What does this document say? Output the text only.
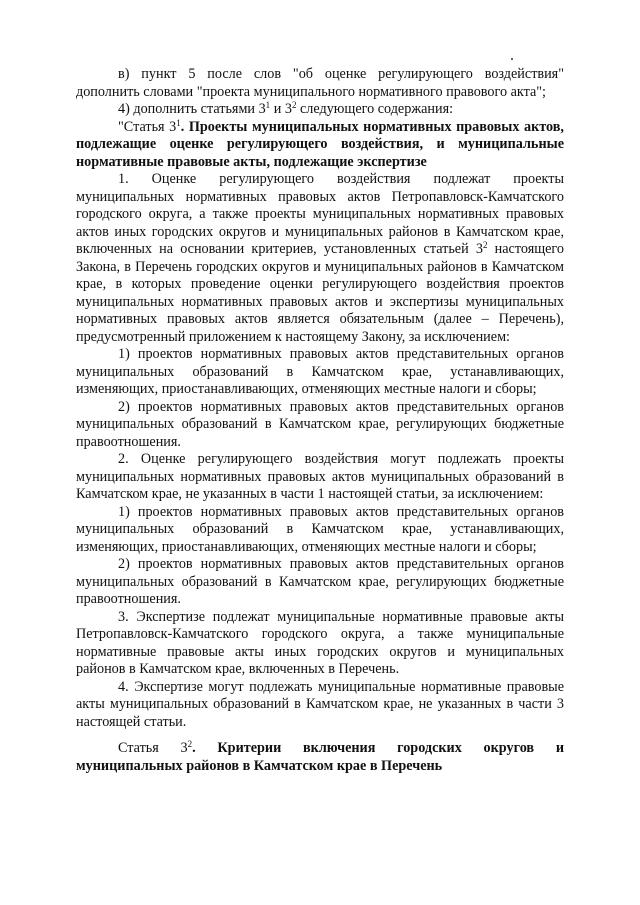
в) пункт 5 после слов "об оценке регулирующего воздействия" дополнить словами "проекта муниципального нормативного правового акта";

4) дополнить статьями $3^1$ и $3^2$ следующего содержания:

"Статья $3^1$. Проекты муниципальных нормативных правовых актов, подлежащие оценке регулирующего воздействия, и муниципальные нормативные правовые акты, подлежащие экспертизе

1. Оценке регулирующего воздействия подлежат проекты муниципальных нормативных правовых актов Петропавловск-Камчатского городского округа, а также проекты муниципальных нормативных правовых актов иных городских округов и муниципальных районов в Камчатском крае, включенных на основании критериев, установленных статьей $3^2$ настоящего Закона, в Перечень городских округов и муниципальных районов в Камчатском крае, в которых проведение оценки регулирующего воздействия проектов муниципальных нормативных правовых актов и экспертизы муниципальных нормативных правовых актов является обязательным (далее – Перечень), предусмотренный приложением к настоящему Закону, за исключением:

1) проектов нормативных правовых актов представительных органов муниципальных образований в Камчатском крае, устанавливающих, изменяющих, приостанавливающих, отменяющих местные налоги и сборы;

2) проектов нормативных правовых актов представительных органов муниципальных образований в Камчатском крае, регулирующих бюджетные правоотношения.

2. Оценке регулирующего воздействия могут подлежать проекты муниципальных нормативных правовых актов муниципальных образований в Камчатском крае, не указанных в части 1 настоящей статьи, за исключением:

1) проектов нормативных правовых актов представительных органов муниципальных образований в Камчатском крае, устанавливающих, изменяющих, приостанавливающих, отменяющих местные налоги и сборы;

2) проектов нормативных правовых актов представительных органов муниципальных образований в Камчатском крае, регулирующих бюджетные правоотношения.

3. Экспертизе подлежат муниципальные нормативные правовые акты Петропавловск-Камчатского городского округа, а также муниципальные нормативные правовые акты иных городских округов и муниципальных районов в Камчатском крае, включенных в Перечень.

4. Экспертизе могут подлежать муниципальные нормативные правовые акты муниципальных образований в Камчатском крае, не указанных в части 3 настоящей статьи.

Статья $3^2$. Критерии включения городских округов и муниципальных районов в Камчатском крае в Перечень
